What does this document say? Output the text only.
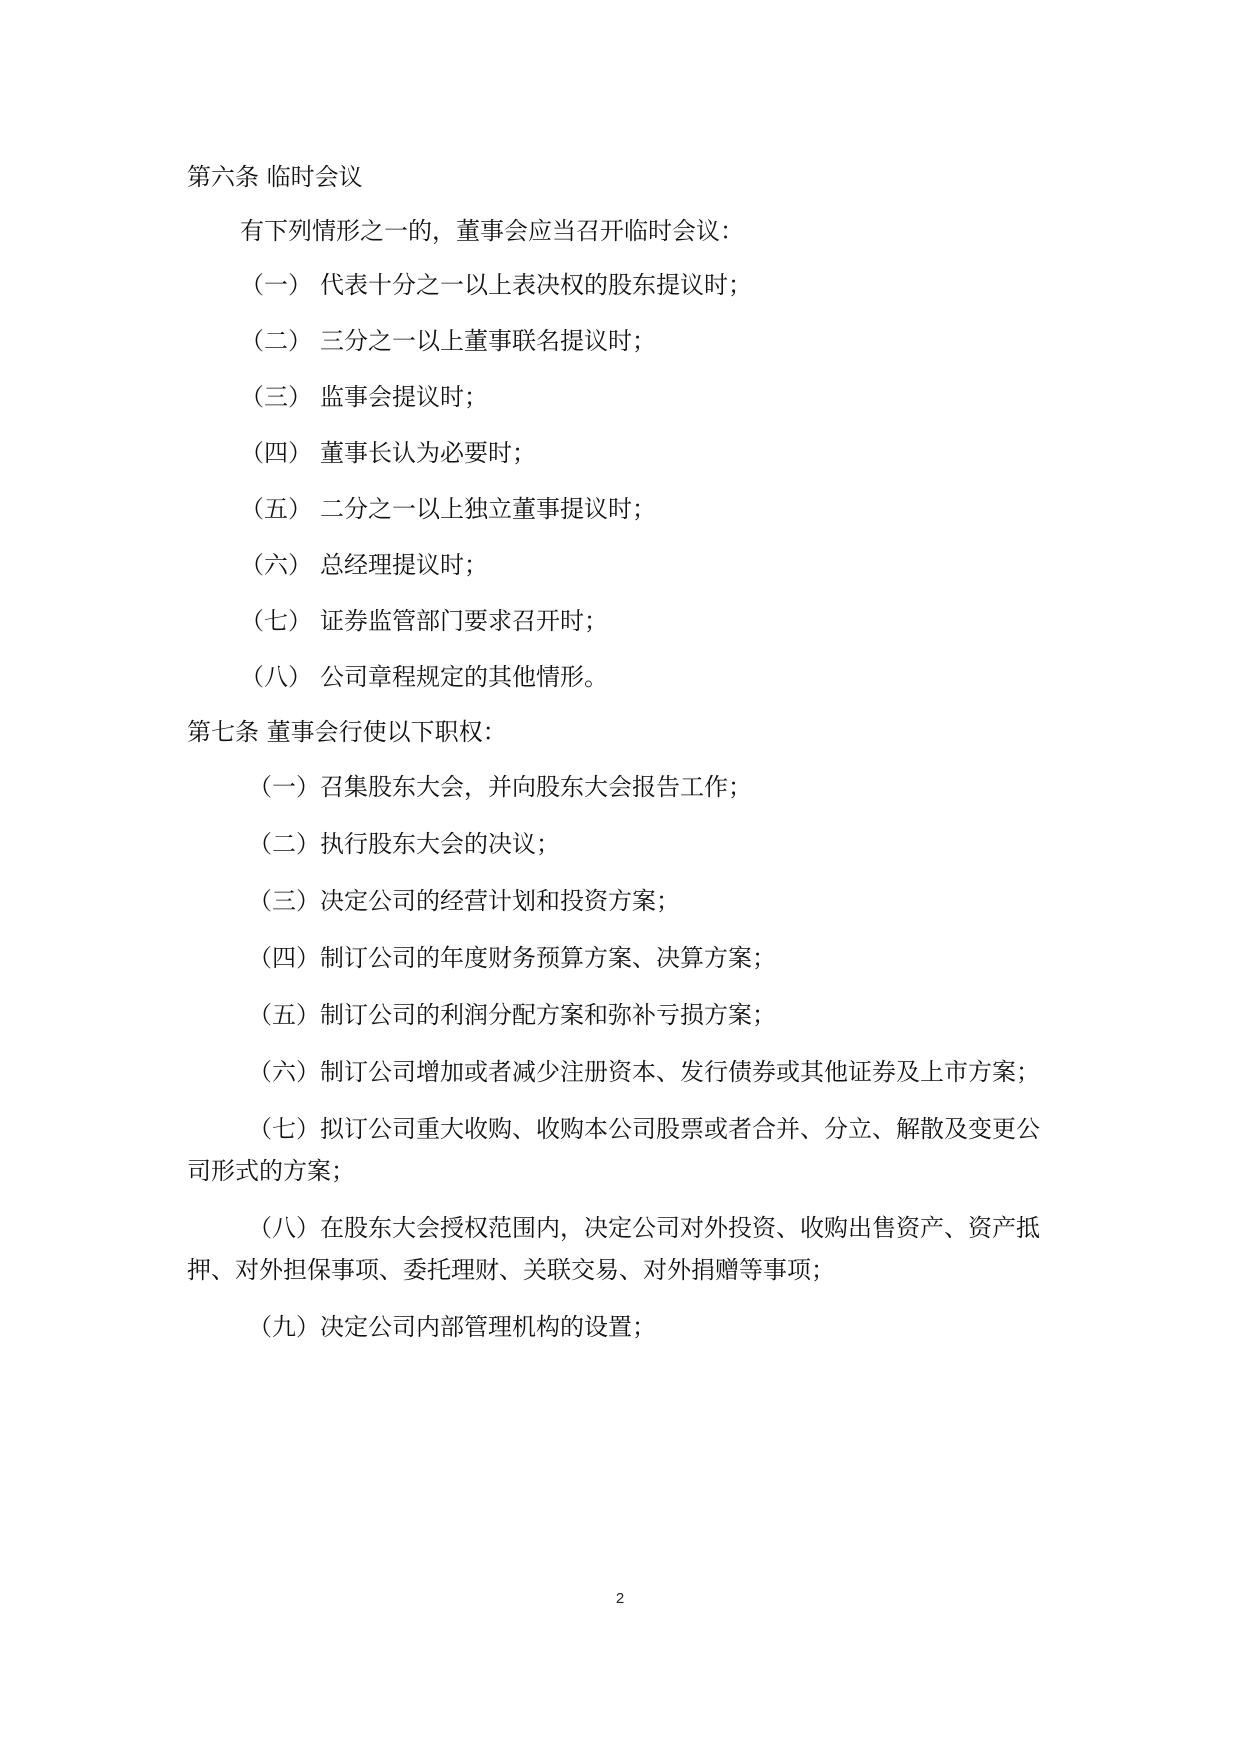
第六条 临时会议
有下列情形之一的，董事会应当召开临时会议：
（一） 代表十分之一以上表决权的股东提议时；
（二） 三分之一以上董事联名提议时；
（三） 监事会提议时；
（四） 董事长认为必要时；
（五） 二分之一以上独立董事提议时；
（六） 总经理提议时；
（七） 证券监管部门要求召开时；
（八） 公司章程规定的其他情形。
第七条 董事会行使以下职权：
（一）召集股东大会，并向股东大会报告工作；
（二）执行股东大会的决议；
（三）决定公司的经营计划和投资方案；
（四）制订公司的年度财务预算方案、决算方案；
（五）制订公司的利润分配方案和弥补亏损方案；
（六）制订公司增加或者减少注册资本、发行债券或其他证券及上市方案；
（七）拟订公司重大收购、收购本公司股票或者合并、分立、解散及变更公
司形式的方案；
（八）在股东大会授权范围内，决定公司对外投资、收购出售资产、资产抵
押、对外担保事项、委托理财、关联交易、对外捐赠等事项；
（九）决定公司内部管理机构的设置；
2
